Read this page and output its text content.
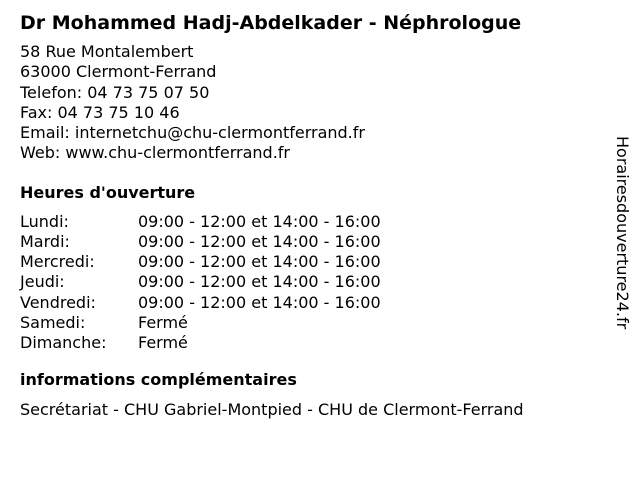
Dr Mohammed Hadj-Abdelkader - Néphrologue
58 Rue Montalembert
63000 Clermont-Ferrand
Telefon: 04 73 75 07 50
Fax: 04 73 75 10 46
Email: internetchu@chu-clermontferrand.fr
Web: www.chu-clermontferrand.fr
Heures d'ouverture
Lundi:	09:00 - 12:00 et 14:00 - 16:00
Mardi:	09:00 - 12:00 et 14:00 - 16:00
Mercredi:	09:00 - 12:00 et 14:00 - 16:00
Jeudi:	09:00 - 12:00 et 14:00 - 16:00
Vendredi:	09:00 - 12:00 et 14:00 - 16:00
Samedi:	Fermé
Dimanche:	Fermé
informations complémentaires
Secrétariat - CHU Gabriel-Montpied - CHU de Clermont-Ferrand
Horairesdouverture24.fr
